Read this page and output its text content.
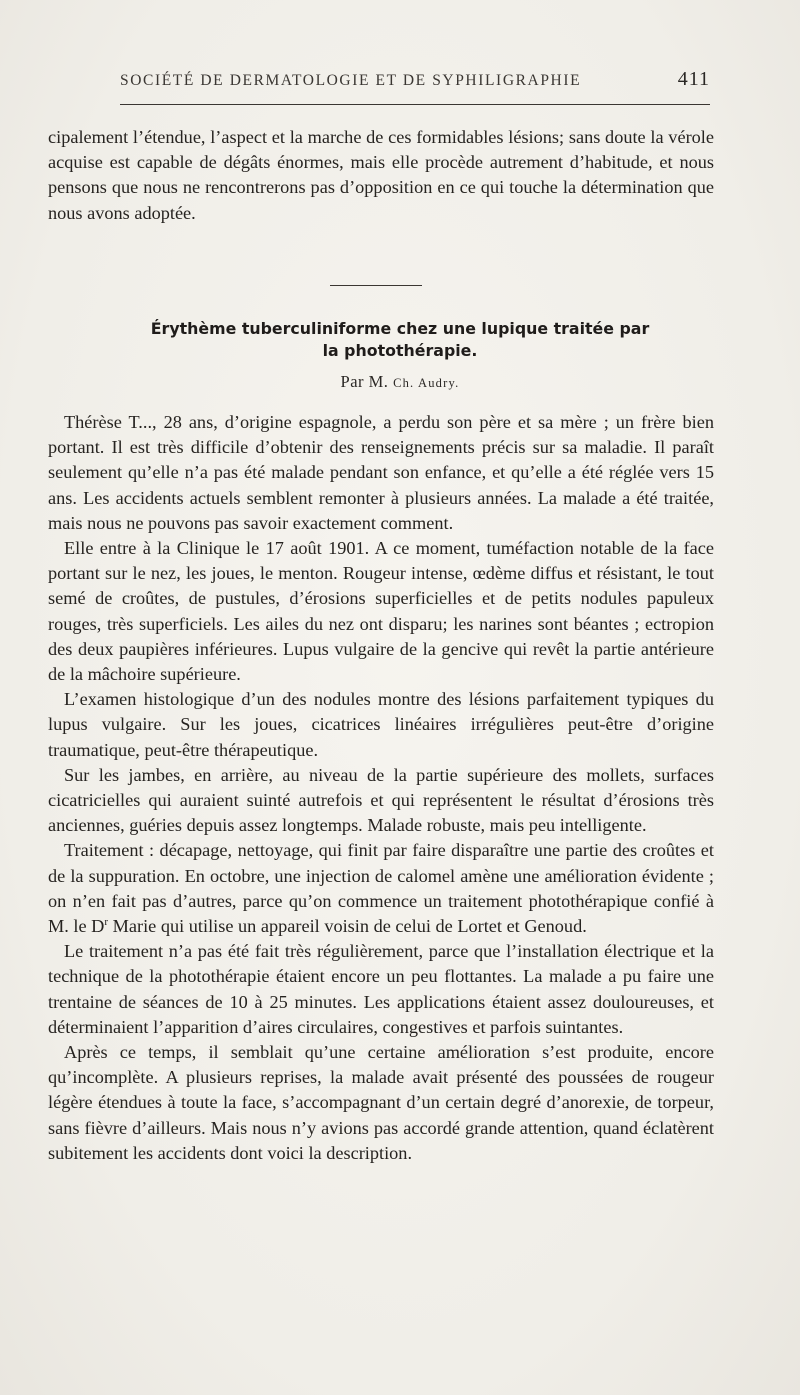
SOCIÉTÉ DE DERMATOLOGIE ET DE SYPHILIGRAPHIE	411

cipalement l’étendue, l’aspect et la marche de ces formidables lésions; sans doute la vérole acquise est capable de dégâts énormes, mais elle procède autrement d’habitude, et nous pensons que nous ne rencontrerons pas d’opposition en ce qui touche la détermination que nous avons adoptée.

Érythème tuberculiniforme chez une lupique traitée par
la photothérapie.
Par M. Ch. Audry.

Thérèse T..., 28 ans, d’origine espagnole, a perdu son père et sa mère ; un frère bien portant. Il est très difficile d’obtenir des renseignements précis sur sa maladie. Il paraît seulement qu’elle n’a pas été malade pendant son enfance, et qu’elle a été réglée vers 15 ans. Les accidents actuels semblent remonter à plusieurs années. La malade a été traitée, mais nous ne pouvons pas savoir exactement comment.

Elle entre à la Clinique le 17 août 1901. A ce moment, tuméfaction notable de la face portant sur le nez, les joues, le menton. Rougeur intense, œdème diffus et résistant, le tout semé de croûtes, de pustules, d’érosions superficielles et de petits nodules papuleux rouges, très superficiels. Les ailes du nez ont disparu; les narines sont béantes ; ectropion des deux paupières inférieures. Lupus vulgaire de la gencive qui revêt la partie antérieure de la mâchoire supérieure.

L’examen histologique d’un des nodules montre des lésions parfaitement typiques du lupus vulgaire. Sur les joues, cicatrices linéaires irrégulières peut-être d’origine traumatique, peut-être thérapeutique.

Sur les jambes, en arrière, au niveau de la partie supérieure des mollets, surfaces cicatricielles qui auraient suinté autrefois et qui représentent le résultat d’érosions très anciennes, guéries depuis assez longtemps. Malade robuste, mais peu intelligente.

Traitement : décapage, nettoyage, qui finit par faire disparaître une partie des croûtes et de la suppuration. En octobre, une injection de calomel amène une amélioration évidente ; on n’en fait pas d’autres, parce qu’on commence un traitement photothérapique confié à M. le $D^r$ Marie qui utilise un appareil voisin de celui de Lortet et Genoud.

Le traitement n’a pas été fait très régulièrement, parce que l’installation électrique et la technique de la photothérapie étaient encore un peu flottantes. La malade a pu faire une trentaine de séances de 10 à 25 minutes. Les applications étaient assez douloureuses, et déterminaient l’apparition d’aires circulaires, congestives et parfois suintantes.

Après ce temps, il semblait qu’une certaine amélioration s’est produite, encore qu’incomplète. A plusieurs reprises, la malade avait présenté des poussées de rougeur légère étendues à toute la face, s’accompagnant d’un certain degré d’anorexie, de torpeur, sans fièvre d’ailleurs. Mais nous n’y avions pas accordé grande attention, quand éclatèrent subitement les accidents dont voici la description.
